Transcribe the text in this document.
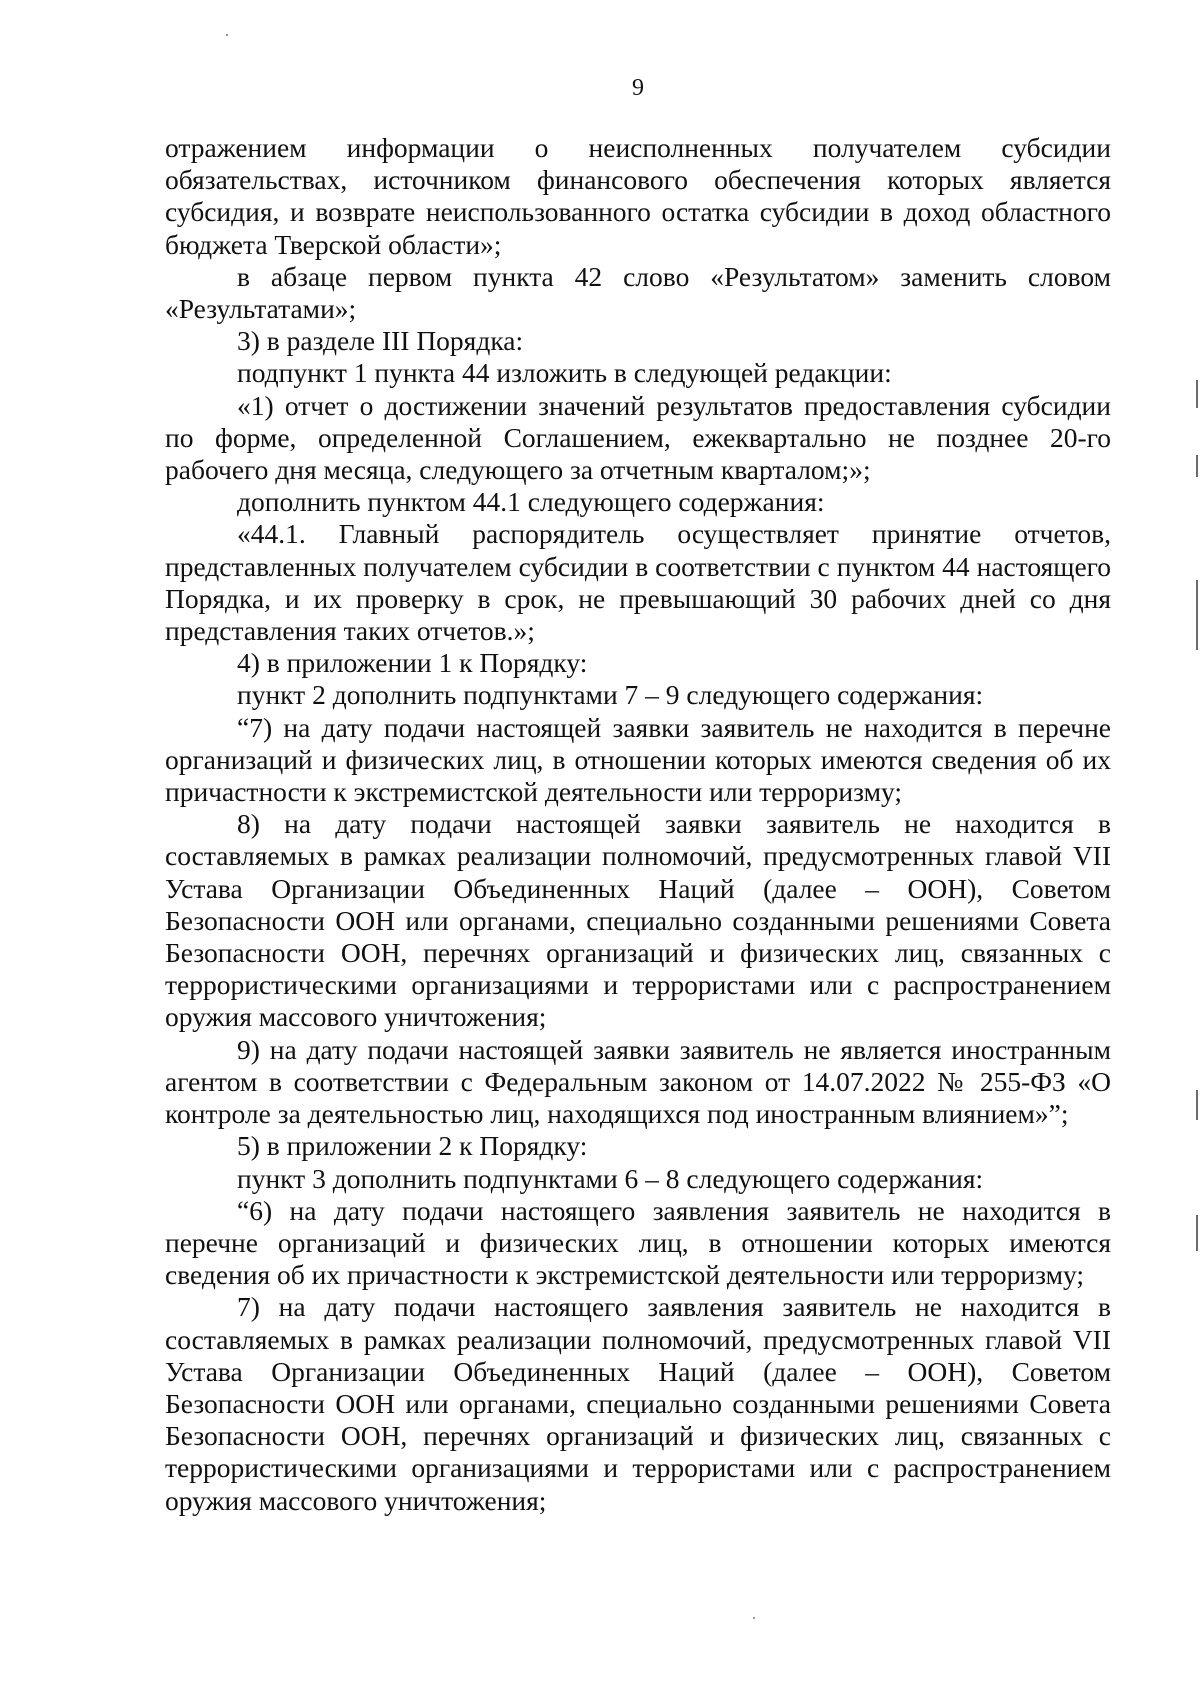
9

отражением информации о неисполненных получателем субсидии обязательствах, источником финансового обеспечения которых является субсидия, и возврате неиспользованного остатка субсидии в доход областного бюджета Тверской области»;

в абзаце первом пункта 42 слово «Результатом» заменить словом «Результатами»;

3) в разделе III Порядка:

подпункт 1 пункта 44 изложить в следующей редакции:

«1) отчет о достижении значений результатов предоставления субсидии по форме, определенной Соглашением, ежеквартально не позднее 20-го рабочего дня месяца, следующего за отчетным кварталом;»;

дополнить пунктом 44.1 следующего содержания:

«44.1. Главный распорядитель осуществляет принятие отчетов, представленных получателем субсидии в соответствии с пунктом 44 настоящего Порядка, и их проверку в срок, не превышающий 30 рабочих дней со дня представления таких отчетов.»;

4) в приложении 1 к Порядку:

пункт 2 дополнить подпунктами 7 – 9 следующего содержания:

“7) на дату подачи настоящей заявки заявитель не находится в перечне организаций и физических лиц, в отношении которых имеются сведения об их причастности к экстремистской деятельности или терроризму;

8) на дату подачи настоящей заявки заявитель не находится в составляемых в рамках реализации полномочий, предусмотренных главой VII Устава Организации Объединенных Наций (далее – ООН), Советом Безопасности ООН или органами, специально созданными решениями Совета Безопасности ООН, перечнях организаций и физических лиц, связанных с террористическими организациями и террористами или с распространением оружия массового уничтожения;

9) на дату подачи настоящей заявки заявитель не является иностранным агентом в соответствии с Федеральным законом от 14.07.2022 № 255-ФЗ «О контроле за деятельностью лиц, находящихся под иностранным влиянием»”;

5) в приложении 2 к Порядку:

пункт 3 дополнить подпунктами 6 – 8 следующего содержания:

“6) на дату подачи настоящего заявления заявитель не находится в перечне организаций и физических лиц, в отношении которых имеются сведения об их причастности к экстремистской деятельности или терроризму;

7) на дату подачи настоящего заявления заявитель не находится в составляемых в рамках реализации полномочий, предусмотренных главой VII Устава Организации Объединенных Наций (далее – ООН), Советом Безопасности ООН или органами, специально созданными решениями Совета Безопасности ООН, перечнях организаций и физических лиц, связанных с террористическими организациями и террористами или с распространением оружия массового уничтожения;
